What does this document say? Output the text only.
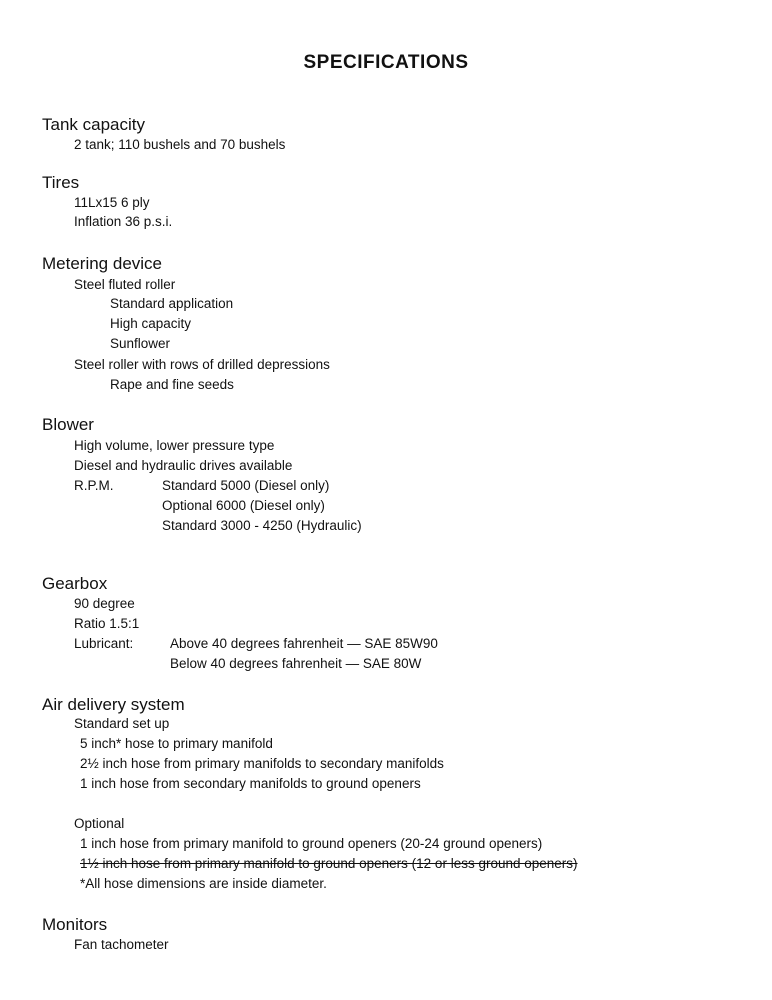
SPECIFICATIONS
Tank capacity
2 tank; 110 bushels and 70 bushels
Tires
11Lx15 6 ply
Inflation 36 p.s.i.
Metering device
Steel fluted roller
Standard application
High capacity
Sunflower
Steel roller with rows of drilled depressions
Rape and fine seeds
Blower
High volume, lower pressure type
Diesel and hydraulic drives available
R.P.M.	Standard 5000 (Diesel only)
Optional 6000 (Diesel only)
Standard 3000 - 4250 (Hydraulic)
Gearbox
90 degree
Ratio 1.5:1
Lubricant:	Above 40 degrees fahrenheit — SAE 85W90
Below 40 degrees fahrenheit — SAE 80W
Air delivery system
Standard set up
5 inch* hose to primary manifold
2½ inch hose from primary manifolds to secondary manifolds
1 inch hose from secondary manifolds to ground openers
Optional
1 inch hose from primary manifold to ground openers (20-24 ground openers)
1½ inch hose from primary manifold to ground openers (12 or less ground openers)
*All hose dimensions are inside diameter.
Monitors
Fan tachometer
